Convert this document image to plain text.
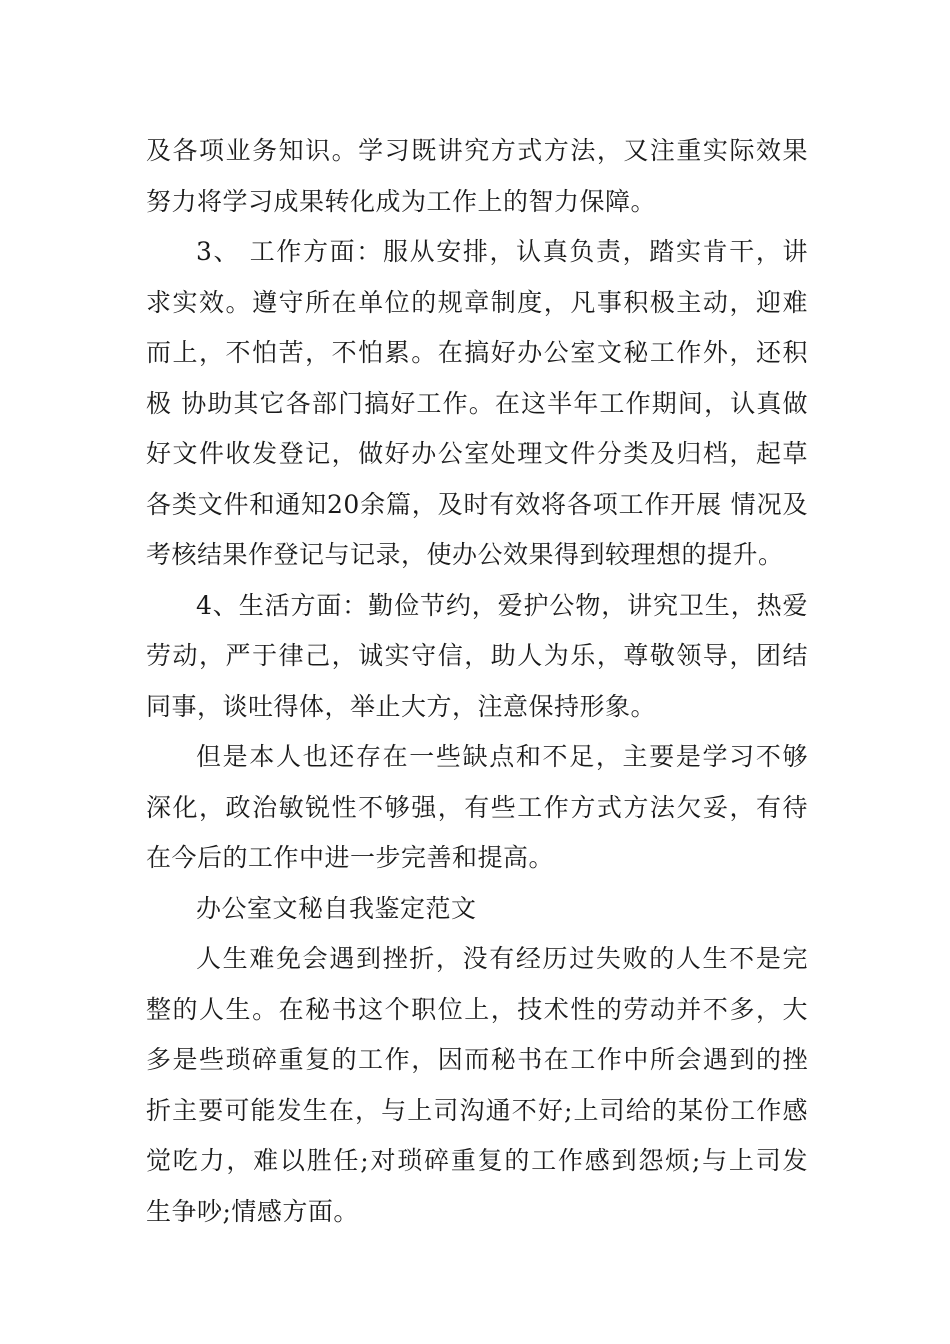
及各项业务知识。学习既讲究方式方法，又注重实际效果
努力将学习成果转化成为工作上的智力保障。
3、 工作方面：服从安排，认真负责，踏实肯干，讲
求实效。遵守所在单位的规章制度，凡事积极主动，迎难
而上，不怕苦，不怕累。在搞好办公室文秘工作外，还积
极 协助其它各部门搞好工作。在这半年工作期间，认真做
好文件收发登记，做好办公室处理文件分类及归档，起草
各类文件和通知20余篇，及时有效将各项工作开展 情况及
考核结果作登记与记录，使办公效果得到较理想的提升。
4、生活方面：勤俭节约，爱护公物，讲究卫生，热爱
劳动，严于律己，诚实守信，助人为乐，尊敬领导，团结
同事，谈吐得体，举止大方，注意保持形象。
但是本人也还存在一些缺点和不足，主要是学习不够
深化，政治敏锐性不够强，有些工作方式方法欠妥，有待
在今后的工作中进一步完善和提高。
办公室文秘自我鉴定范文
人生难免会遇到挫折，没有经历过失败的人生不是完
整的人生。在秘书这个职位上，技术性的劳动并不多，大
多是些琐碎重复的工作，因而秘书在工作中所会遇到的挫
折主要可能发生在，与上司沟通不好;上司给的某份工作感
觉吃力，难以胜任;对琐碎重复的工作感到怨烦;与上司发
生争吵;情感方面。
